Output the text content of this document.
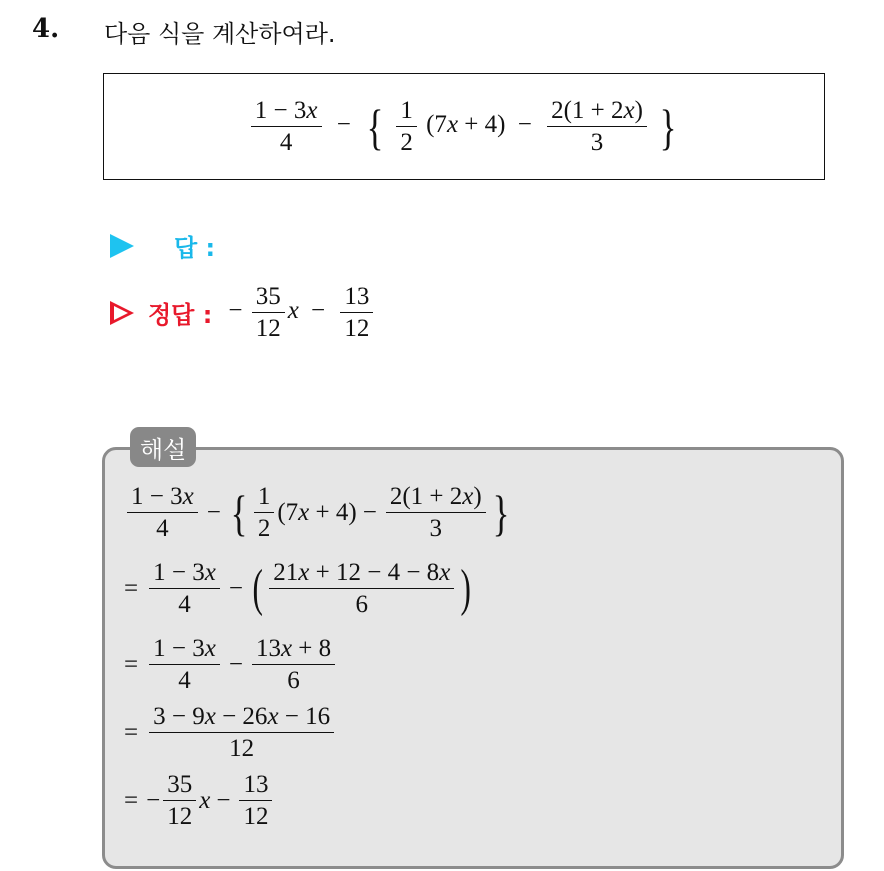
4. 다음 식을 계산하여라.
$\frac{1 - 3x}{4}$ − { $\frac{1}{2} (7x + 4) - \frac{2(1 + 2x)}{3}$ }
답 :
정답 : − $\frac{35}{12}$ $x - \frac{13}{12}$
해설
$\frac{1 - 3x}{4}$ − { $\frac{1}{2} (7x + 4) - \frac{2(1 + 2x)}{3}$ }
= $\frac{1 - 3x}{4}$ − ( $\frac{21x + 12 - 4 - 8x}{6}$ )
= $\frac{1 - 3x}{4} - \frac{13x + 8}{6}$
= $\frac{3 - 9x - 26x - 16}{12}$
= − $\frac{35}{12}$ $x - \frac{13}{12}$
